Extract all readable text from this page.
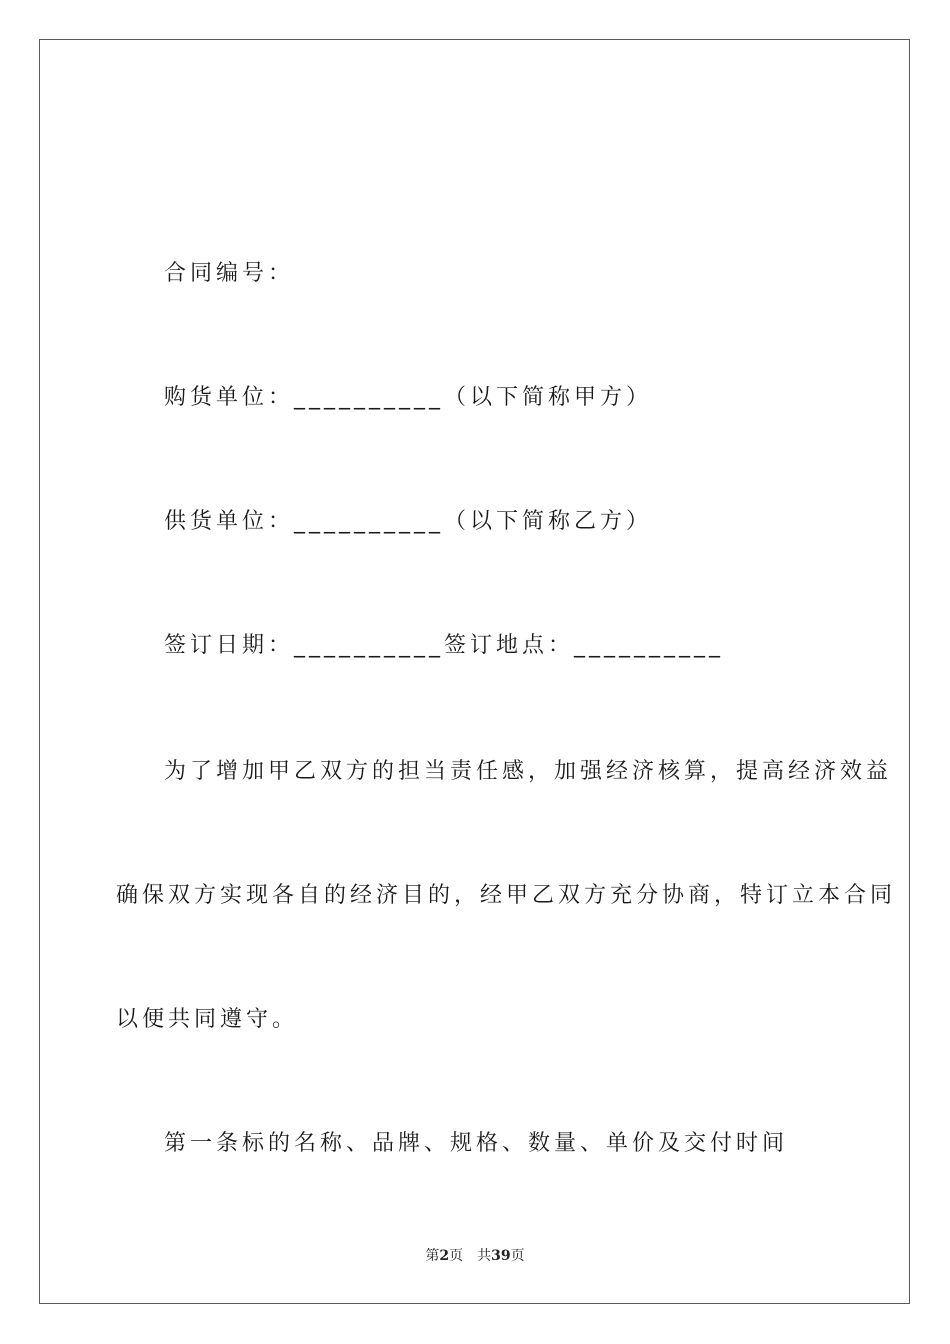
合同编号：
购货单位：__________（以下简称甲方）
供货单位：__________（以下简称乙方）
签订日期：__________签订地点：__________
为了增加甲乙双方的担当责任感，加强经济核算，提高经济效益
确保双方实现各自的经济目的，经甲乙双方充分协商，特订立本合同
以便共同遵守。
第一条标的名称、品牌、规格、数量、单价及交付时间
第2页 共39页
